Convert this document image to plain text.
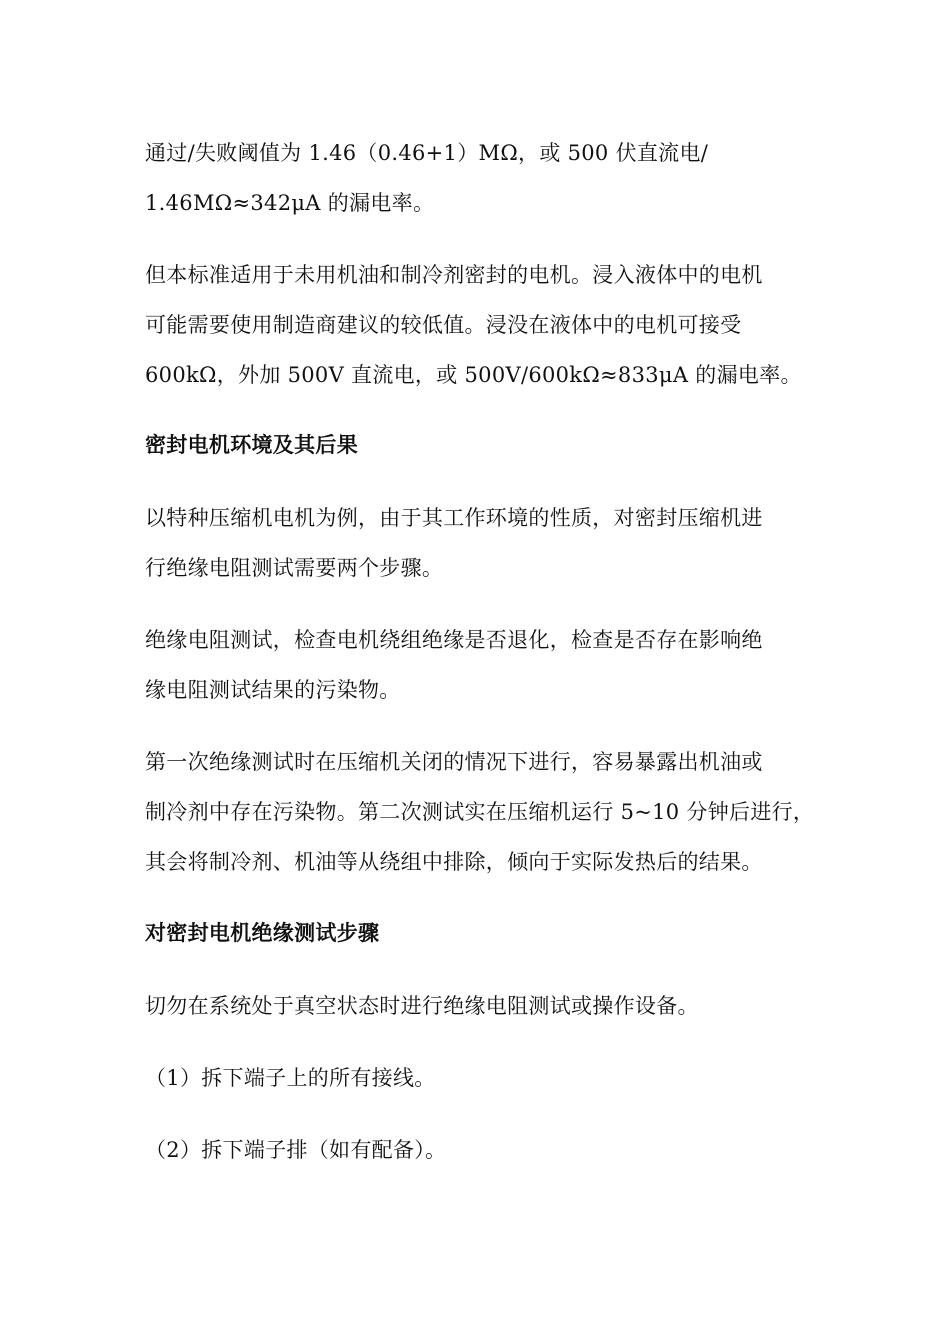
通过/失败阈值为 1.46（0.46+1）MΩ，或 500 伏直流电/
1.46MΩ≈342μA 的漏电率。
但本标准适用于未用机油和制冷剂密封的电机。浸入液体中的电机
可能需要使用制造商建议的较低值。浸没在液体中的电机可接受
600kΩ，外加 500V 直流电，或 500V/600kΩ≈833μA 的漏电率。
密封电机环境及其后果
以特种压缩机电机为例，由于其工作环境的性质，对密封压缩机进
行绝缘电阻测试需要两个步骤。
绝缘电阻测试，检查电机绕组绝缘是否退化，检查是否存在影响绝
缘电阻测试结果的污染物。
第一次绝缘测试时在压缩机关闭的情况下进行，容易暴露出机油或
制冷剂中存在污染物。第二次测试实在压缩机运行 5~10 分钟后进行，
其会将制冷剂、机油等从绕组中排除，倾向于实际发热后的结果。
对密封电机绝缘测试步骤
切勿在系统处于真空状态时进行绝缘电阻测试或操作设备。
（1）拆下端子上的所有接线。
（2）拆下端子排（如有配备）。
